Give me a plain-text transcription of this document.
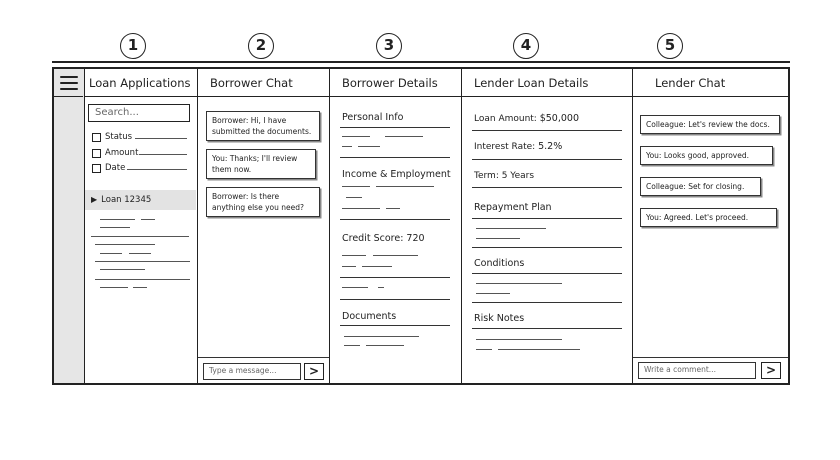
1	2	3	4	5
Loan Applications
Search...
Status
Amount
Date
▶ Loan 12345
Borrower Chat
Borrower: Hi, I have submitted the documents.
You: Thanks; I'll review them now.
Borrower: Is there anything else you need?
Type a message...	>
Borrower Details
Personal Info
Income & Employment
Credit Score: 720
Documents
Lender Loan Details
Loan Amount: $50,000
Interest Rate: 5.2%
Term: 5 Years
Repayment Plan
Conditions
Risk Notes
Lender Chat
Colleague: Let's review the docs.
You: Looks good, approved.
Colleague: Set for closing.
You: Agreed. Let's proceed.
Write a comment...	>
